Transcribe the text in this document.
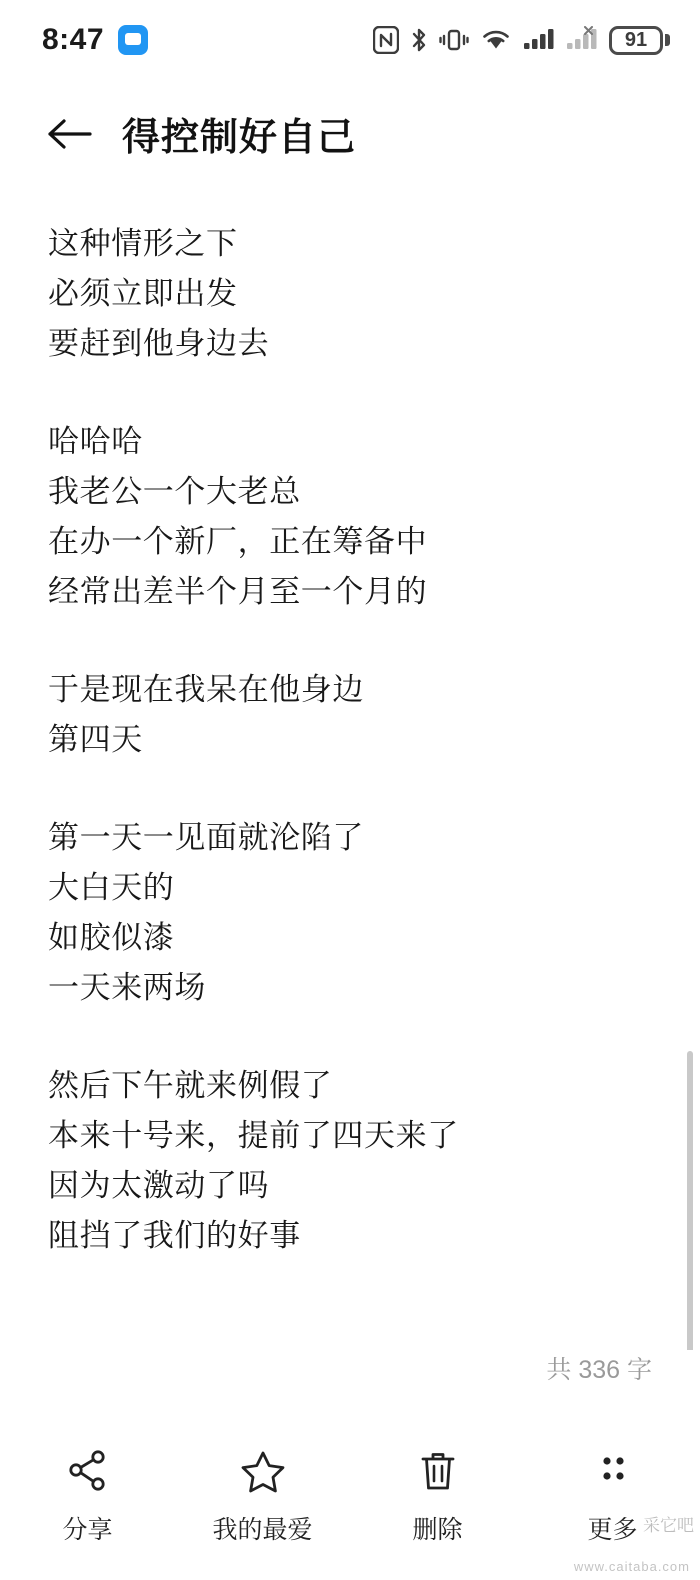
8:47	91
得控制好自己
这种情形之下
必须立即出发
要赶到他身边去
哈哈哈
我老公一个大老总
在办一个新厂，正在筹备中
经常出差半个月至一个月的
于是现在我呆在他身边
第四天
第一天一见面就沦陷了
大白天的
如胶似漆
一天来两场
然后下午就来例假了
本来十号来，提前了四天来了
因为太激动了吗
阻挡了我们的好事
共 336 字
分享	我的最爱	删除	更多 采它吧
www.caitaba.com
